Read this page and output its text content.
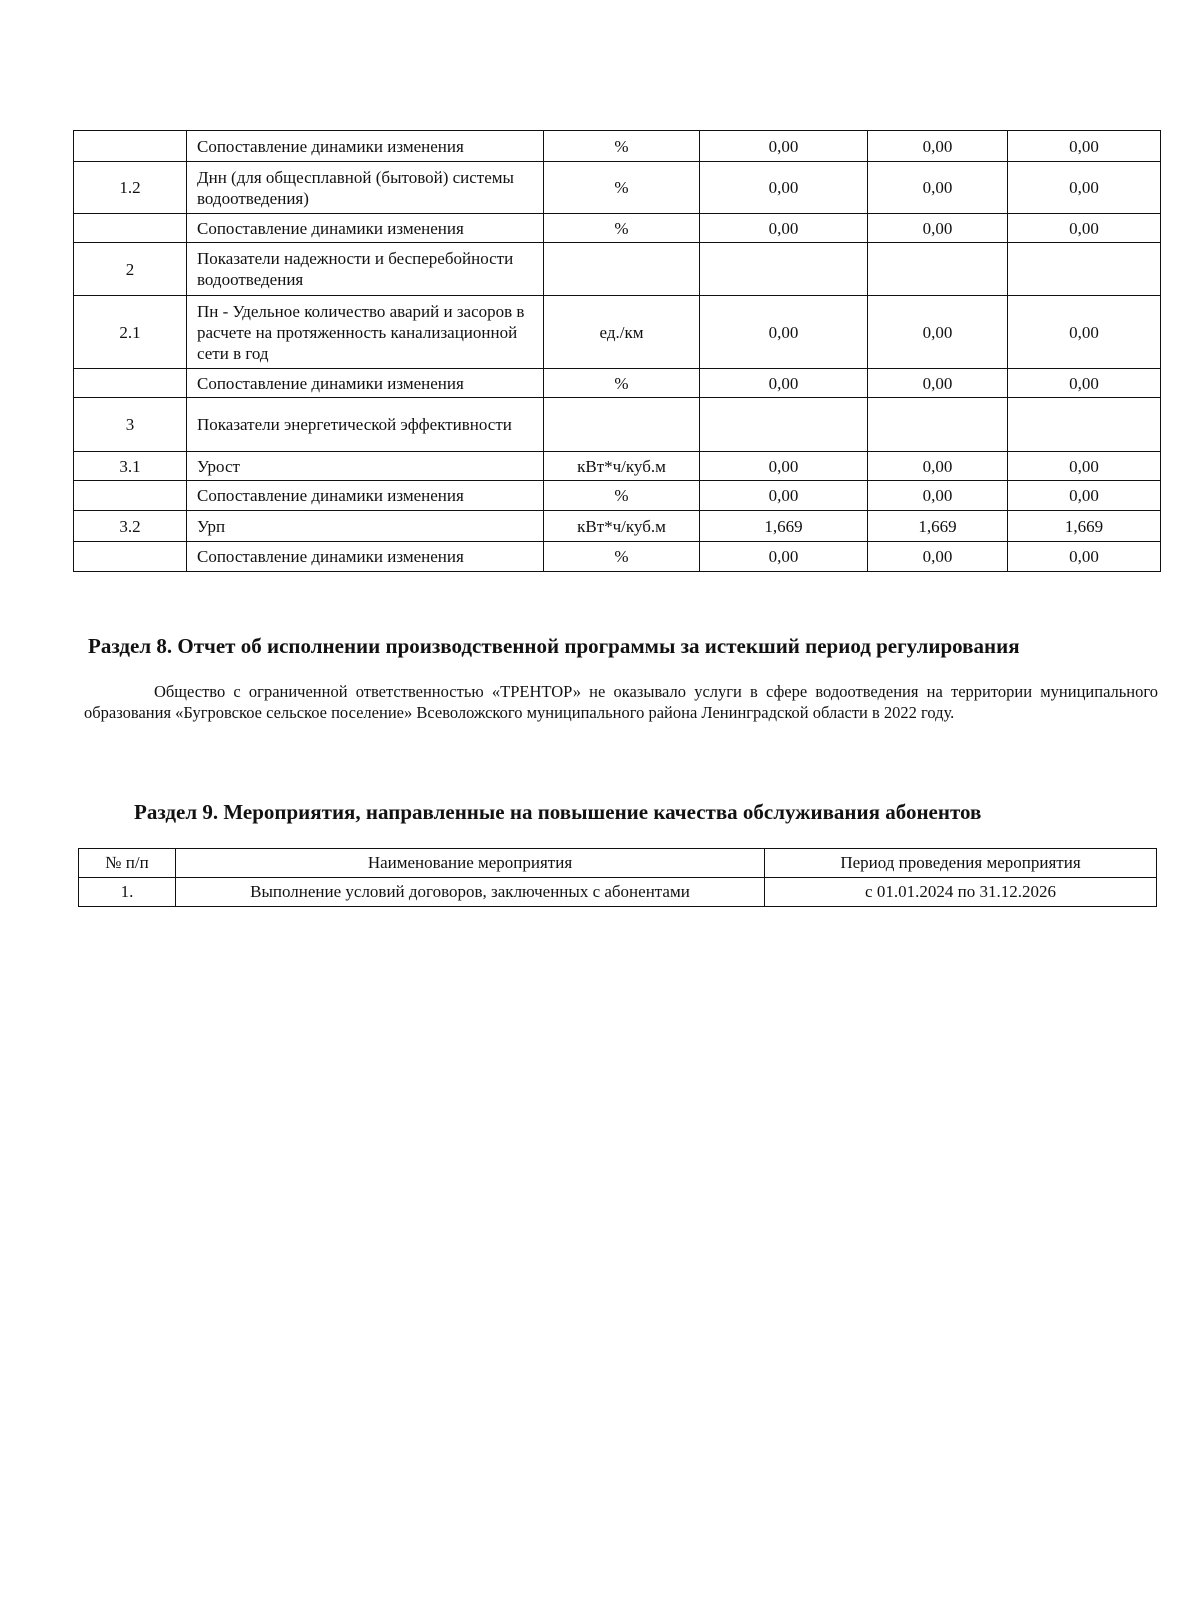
	Сопоставление динамики изменения	%	0,00	0,00	0,00
1.2	Днн (для общесплавной (бытовой) системы водоотведения)	%	0,00	0,00	0,00
	Сопоставление динамики изменения	%	0,00	0,00	0,00
2	Показатели надежности и бесперебойности водоотведения				
2.1	Пн - Удельное количество аварий и засоров в расчете на протяженность канализационной сети в год	ед./км	0,00	0,00	0,00
	Сопоставление динамики изменения	%	0,00	0,00	0,00
3	Показатели энергетической эффективности				
3.1	Урост	кВт*ч/куб.м	0,00	0,00	0,00
	Сопоставление динамики изменения	%	0,00	0,00	0,00
3.2	Урп	кВт*ч/куб.м	1,669	1,669	1,669
	Сопоставление динамики изменения	%	0,00	0,00	0,00
Раздел 8. Отчет об исполнении производственной программы за истекший период регулирования

Общество с ограниченной ответственностью «ТРЕНТОР» не оказывало услуги в сфере водоотведения на территории муниципального образования «Бугровское сельское поселение» Всеволожского муниципального района Ленинградской области в 2022 году.

Раздел 9. Мероприятия, направленные на повышение качества обслуживания абонентов
№ п/п	Наименование мероприятия	Период проведения мероприятия
1.	Выполнение условий договоров, заключенных с абонентами	с 01.01.2024 по 31.12.2026
